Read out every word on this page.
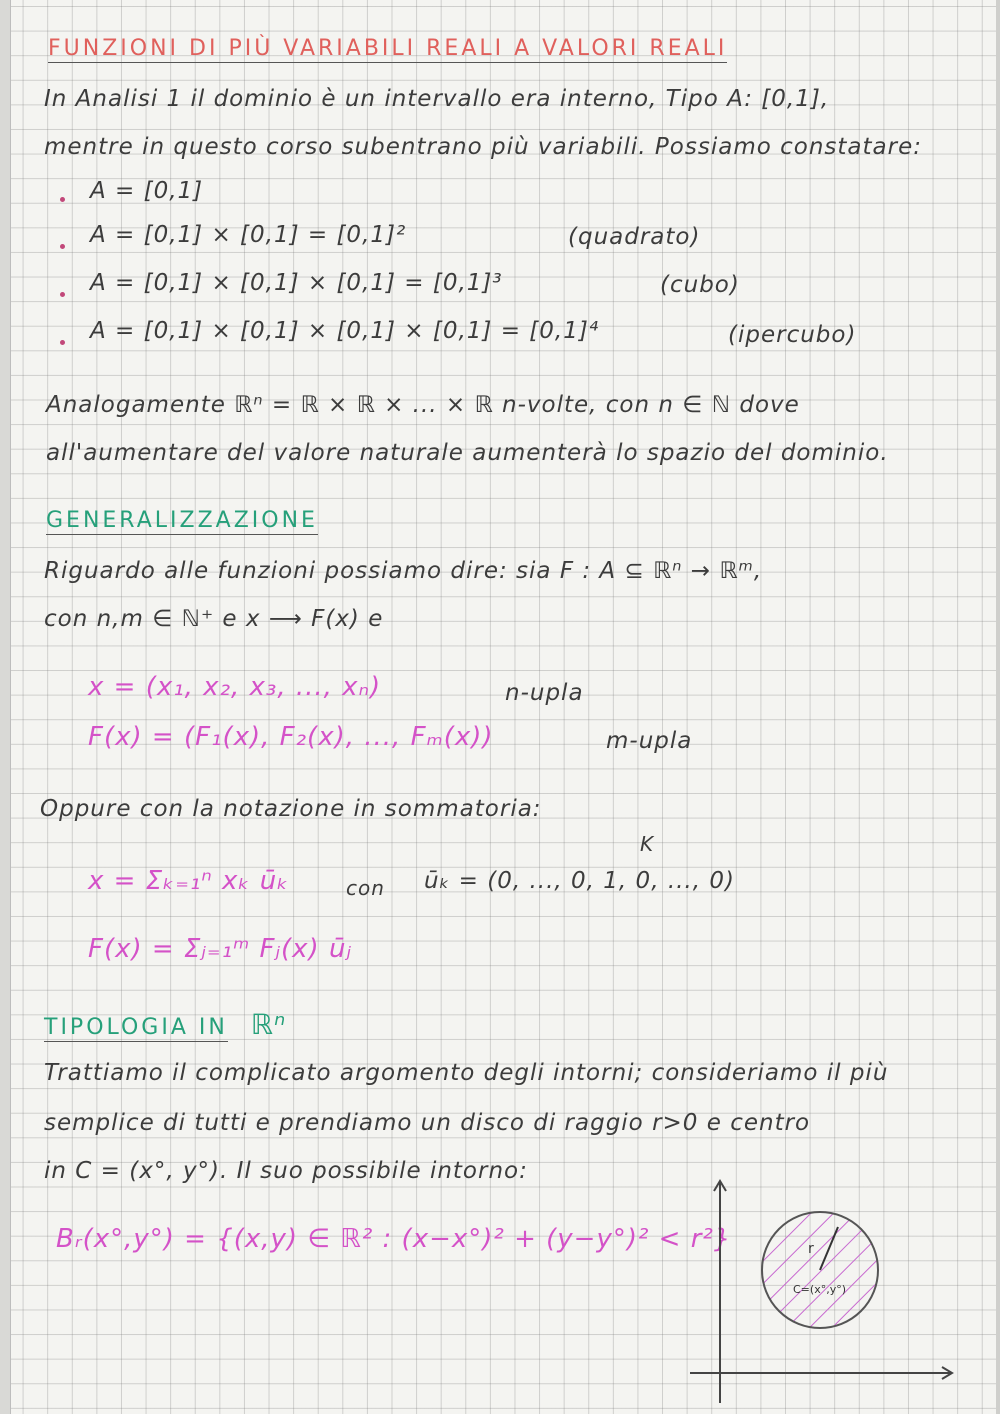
FUNZIONI DI PIÙ VARIABILI REALI A VALORI REALI
In Analisi 1 il dominio è un intervallo era interno, Tipo A: [0,1],
mentre in questo corso subentrano più variabili. Possiamo constatare:
A = [0,1]
A = [0,1] × [0,1] = [0,1]²	(quadrato)
A = [0,1] × [0,1] × [0,1] = [0,1]³	(cubo)
A = [0,1] × [0,1] × [0,1] × [0,1] = [0,1]⁴	(ipercubo)
Analogamente ℝⁿ = ℝ × ℝ × ... × ℝ n-volte, con n ∈ ℕ dove
all'aumentare del valore naturale aumenterà lo spazio del dominio.
GENERALIZZAZIONE
Riguardo alle funzioni possiamo dire: sia F : A ⊆ ℝⁿ → ℝᵐ,
con n,m ∈ ℕ⁺ e x ⟶ F(x) e
x = (x₁, x₂, x₃, ..., xₙ)	n-upla
F(x) = (F₁(x), F₂(x), ..., Fₘ(x))	m-upla
Oppure con la notazione in sommatoria:
x = Σₖ₌₁ⁿ xₖ ūₖ	con
K
ūₖ = (0, ..., 0, 1, 0, ..., 0)
F(x) = Σⱼ₌₁ᵐ Fⱼ(x) ūⱼ
TIPOLOGIA IN ℝⁿ
Trattiamo il complicato argomento degli intorni; consideriamo il più
semplice di tutti e prendiamo un disco di raggio r>0 e centro
in C = (x°, y°). Il suo possibile intorno:
Bᵣ(x°,y°) = {(x,y) ∈ ℝ² : (x−x°)² + (y−y°)² < r²}	r
C=(x°,y°)
